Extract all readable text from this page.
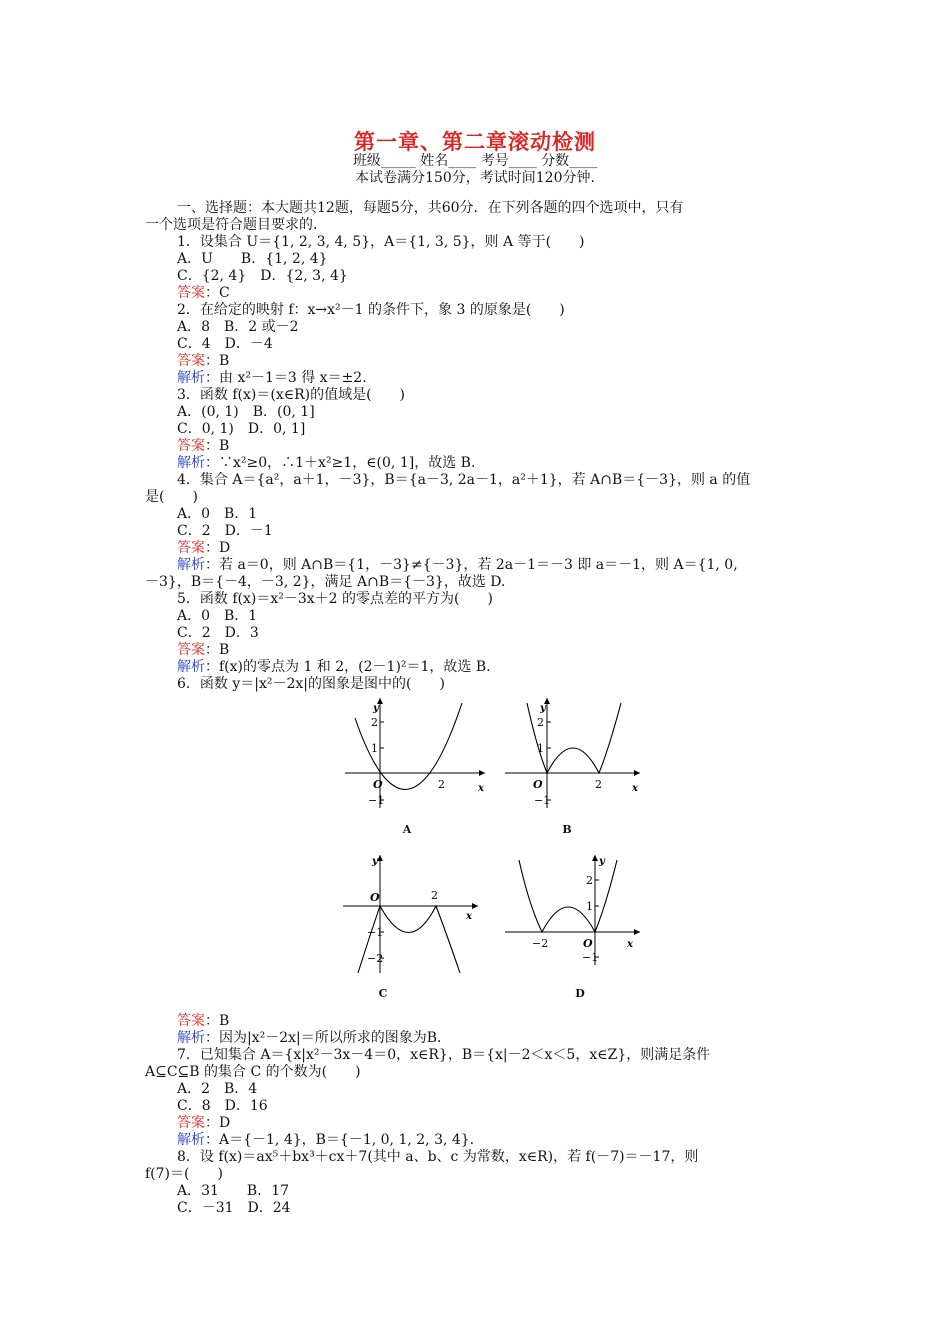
第一章、第二章滚动检测
班级_____ 姓名____ 考号____ 分数____
本试卷满分150分，考试时间120分钟.
一、选择题：本大题共12题，每题5分，共60分．在下列各题的四个选项中，只有
一个选项是符合题目要求的．
1．设集合 U＝{1, 2, 3, 4, 5}，A＝{1, 3, 5}，则 A 等于(　　)
A．U　　B．{1, 2, 4}
C．{2, 4}　D．{2, 3, 4}
答案：C
2．在给定的映射 f：x→x²－1 的条件下，象 3 的原象是(　　)
A．8　B．2 或－2
C．4　D．－4
答案：B
解析：由 x²－1＝3 得 x＝±2.
3．函数 f(x)＝(x∈R)的值域是(　　)
A．(0, 1)　B．(0, 1]
C．0, 1)　D．0, 1]
答案：B
解析：∵x²≥0，∴1＋x²≥1，∈(0, 1]，故选 B.
4．集合 A＝{a²，a＋1，－3}，B＝{a－3, 2a－1，a²＋1}，若 A∩B＝{－3}，则 a 的值
是(　　)
A．0　B．1
C．2　D．－1
答案：D
解析：若 a＝0，则 A∩B＝{1，－3}≠{－3}，若 2a－1＝－3 即 a＝－1，则 A＝{1, 0,
－3}，B＝{－4，－3, 2}，满足 A∩B＝{－3}，故选 D.
5．函数 f(x)＝x²－3x＋2 的零点差的平方为(　　)
A．0　B．1
C．2　D．3
答案：B
解析：f(x)的零点为 1 和 2，(2－1)²＝1，故选 B.
6．函数 y＝|x²－2x|的图象是图中的(　　)
y
x
2
1
−1
O	2
A
y
x
2
1
−1
O	2
B
y
x
−1
−2
O	2
C
y
x
2
1
−1
O
−2
D
答案：B
解析：因为|x²－2x|＝所以所求的图象为B.
7．已知集合 A＝{x|x²－3x－4＝0，x∈R}，B＝{x|－2＜x＜5，x∈Z}，则满足条件
A⊆C⊆B 的集合 C 的个数为(　　)
A．2　B．4
C．8　D．16
答案：D
解析：A＝{－1, 4}，B＝{－1, 0, 1, 2, 3, 4}.
8．设 f(x)＝ax⁵＋bx³＋cx＋7(其中 a、b、c 为常数，x∈R)，若 f(－7)＝－17，则
f(7)＝(　　)
A．31　　B．17
C．－31　D．24
